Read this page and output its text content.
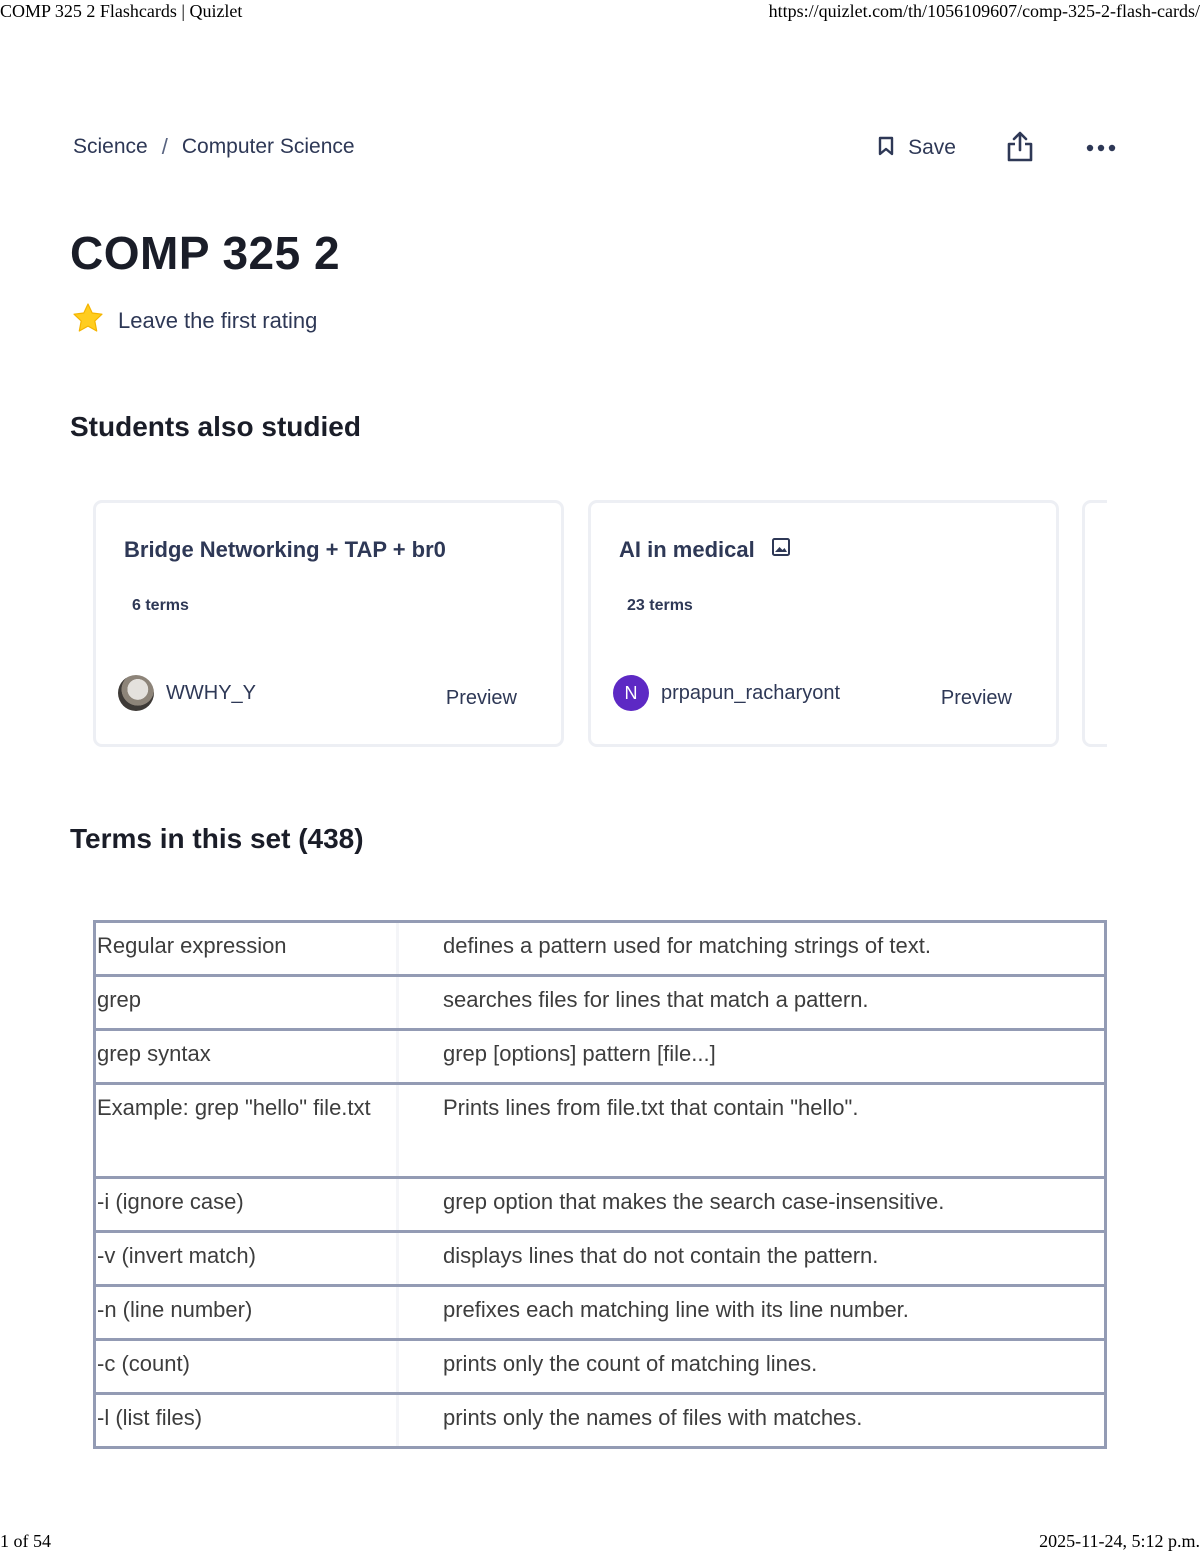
COMP 325 2 Flashcards | Quizlet	https://quizlet.com/th/1056109607/comp-325-2-flash-cards/
Science / Computer Science	Save
COMP 325 2
Leave the first rating
Students also studied
Bridge Networking + TAP + br0
6 terms
WWHY_Y	Preview
AI in medical
23 terms
N	prpapun_racharyont	Preview
Terms in this set (438)
Regular expression	defines a pattern used for matching strings of text.
grep	searches files for lines that match a pattern.
grep syntax	grep [options] pattern [file...]
Example: grep "hello" file.txt	Prints lines from file.txt that contain "hello".
-i (ignore case)	grep option that makes the search case-insensitive.
-v (invert match)	displays lines that do not contain the pattern.
-n (line number)	prefixes each matching line with its line number.
-c (count)	prints only the count of matching lines.
-l (list files)	prints only the names of files with matches.
1 of 54	2025-11-24, 5:12 p.m.
